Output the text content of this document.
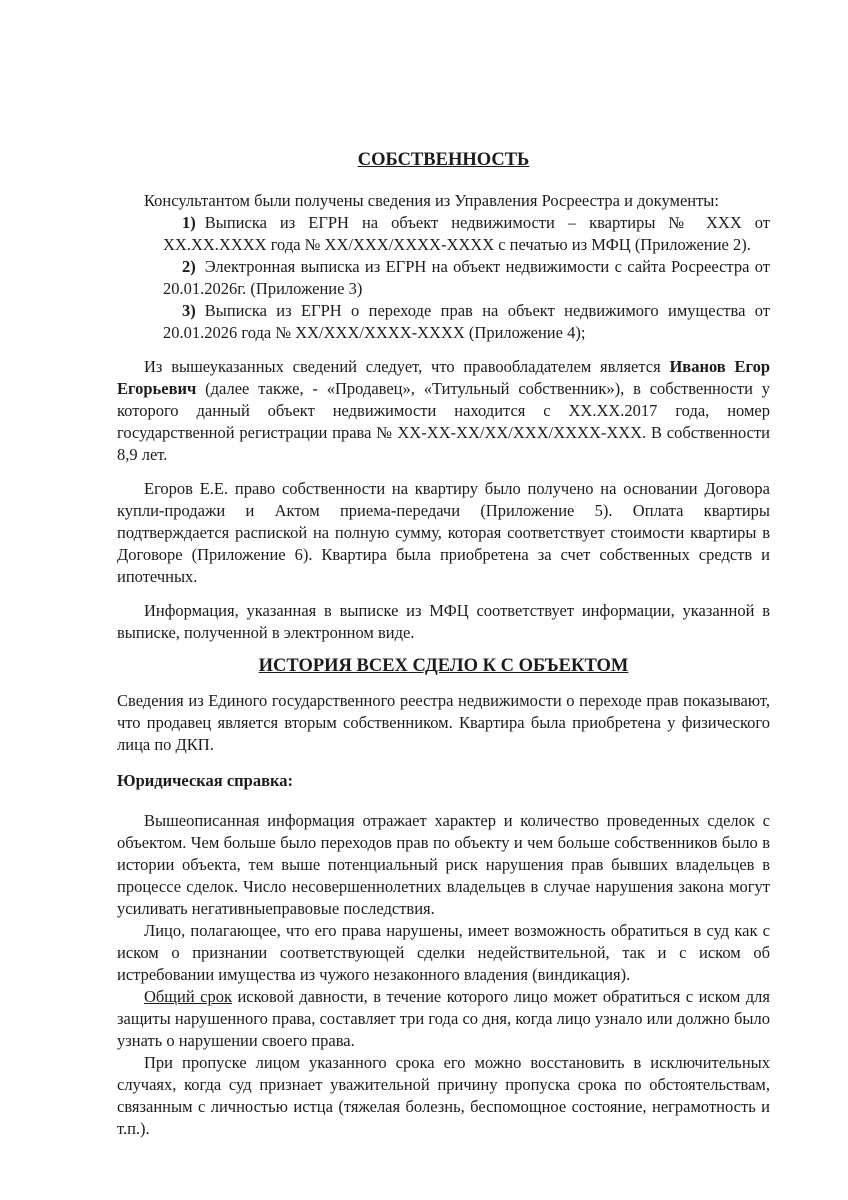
СОБСТВЕННОСТЬ

Консультантом были получены сведения из Управления Росреестра и документы:

1) Выписка из ЕГРН на объект недвижимости – квартиры № ХХХ от ХХ.ХХ.ХХХХ года № ХХ/ХХХ/ХХХХ-ХХХХ с печатью из МФЦ (Приложение 2).
2) Электронная выписка из ЕГРН на объект недвижимости с сайта Росреестра от 20.01.2026г. (Приложение 3)
3) Выписка из ЕГРН о переходе прав на объект недвижимого имущества от 20.01.2026 года № ХХ/ХХХ/ХХХХ-ХХХХ (Приложение 4);

Из вышеуказанных сведений следует, что правообладателем является Иванов Егор Егорьевич (далее также, - «Продавец», «Титульный собственник»), в собственности у которого данный объект недвижимости находится с ХХ.ХХ.2017 года, номер государственной регистрации права № ХХ-ХХ-ХХ/ХХ/ХХХ/ХХХХ-ХХХ. В собственности 8,9 лет.

Егоров Е.Е. право собственности на квартиру было получено на основании Договора купли-продажи и Актом приема-передачи (Приложение 5). Оплата квартиры подтверждается распиской на полную сумму, которая соответствует стоимости квартиры в Договоре (Приложение 6). Квартира была приобретена за счет собственных средств и ипотечных.

Информация, указанная в выписке из МФЦ соответствует информации, указанной в выписке, полученной в электронном виде.

ИСТОРИЯ ВСЕХ СДЕЛО К С ОБЪЕКТОМ

Сведения из Единого государственного реестра недвижимости о переходе прав показывают, что продавец является вторым собственником. Квартира была приобретена у физического лица по ДКП.

Юридическая справка:

Вышеописанная информация отражает характер и количество проведенных сделок с объектом. Чем больше было переходов прав по объекту и чем больше собственников было в истории объекта, тем выше потенциальный риск нарушения прав бывших владельцев в процессе сделок. Число несовершеннолетних владельцев в случае нарушения закона могут усиливать негативныеправовые последствия.

Лицо, полагающее, что его права нарушены, имеет возможность обратиться в суд как с иском о признании соответствующей сделки недействительной, так и с иском об истребовании имущества из чужого незаконного владения (виндикация).

Общий срок исковой давности, в течение которого лицо может обратиться с иском для защиты нарушенного права, составляет три года со дня, когда лицо узнало или должно было узнать о нарушении своего права.

При пропуске лицом указанного срока его можно восстановить в исключительных случаях, когда суд признает уважительной причину пропуска срока по обстоятельствам, связанным с личностью истца (тяжелая болезнь, беспомощное состояние, неграмотность и т.п.).
